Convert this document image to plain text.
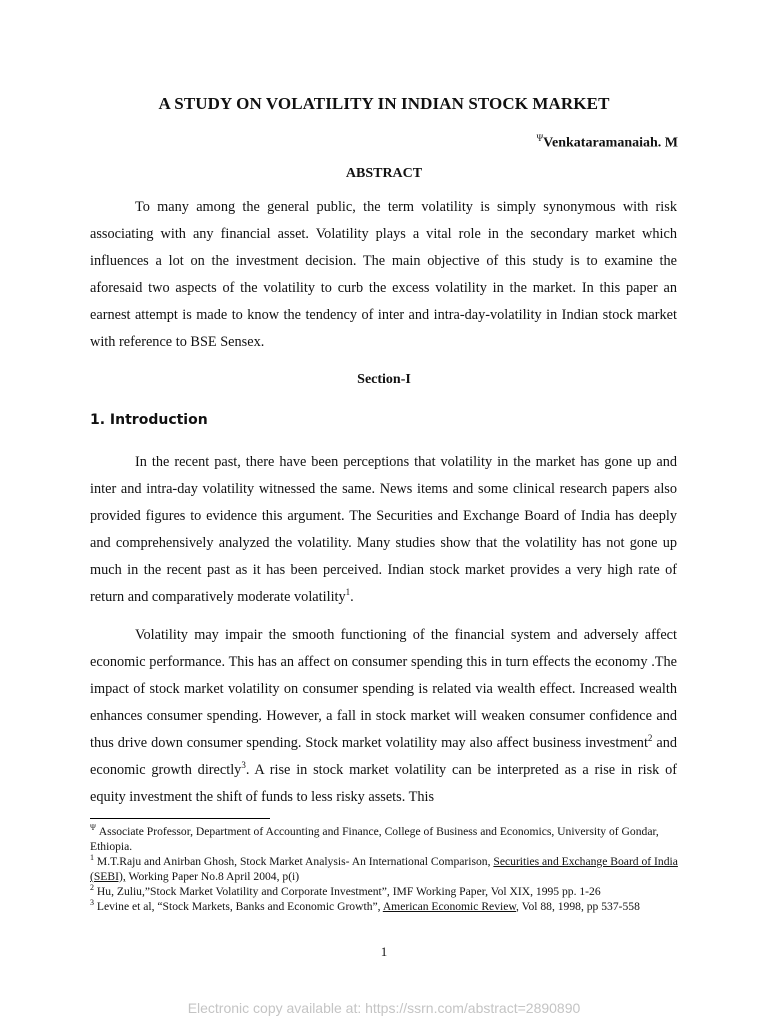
A STUDY ON VOLATILITY IN INDIAN STOCK MARKET
$^\Psi$Venkataramanaiah. M
ABSTRACT

To many among the general public, the term volatility is simply synonymous with risk associating with any financial asset. Volatility plays a vital role in the secondary market which influences a lot on the investment decision. The main objective of this study is to examine the aforesaid two aspects of the volatility to curb the excess volatility in the market. In this paper an earnest attempt is made to know the tendency of inter and intra-day-volatility in Indian stock market with reference to BSE Sensex.

Section-I
1. Introduction

In the recent past, there have been perceptions that volatility in the market has gone up and inter and intra-day volatility witnessed the same. News items and some clinical research papers also provided figures to evidence this argument. The Securities and Exchange Board of India has deeply and comprehensively analyzed the volatility. Many studies show that the volatility has not gone up much in the recent past as it has been perceived. Indian stock market provides a very high rate of return and comparatively moderate volatility$^1$.

Volatility may impair the smooth functioning of the financial system and adversely affect economic performance. This has an affect on consumer spending this in turn effects the economy .The impact of stock market volatility on consumer spending is related via wealth effect. Increased wealth enhances consumer spending. However, a fall in stock market will weaken consumer confidence and thus drive down consumer spending. Stock market volatility may also affect business investment$^2$ and economic growth directly$^3$. A rise in stock market volatility can be interpreted as a rise in risk of equity investment the shift of funds to less risky assets. This

$^\Psi$ Associate Professor, Department of Accounting and Finance, College of Business and Economics, University of Gondar, Ethiopia.

$^1$ M.T.Raju and Anirban Ghosh, Stock Market Analysis- An International Comparison, Securities and Exchange Board of India (SEBI), Working Paper No.8 April 2004, p(i)

$^2$ Hu, Zuliu,”Stock Market Volatility and Corporate Investment”, IMF Working Paper, Vol XIX, 1995 pp. 1-26

$^3$ Levine et al, “Stock Markets, Banks and Economic Growth”, American Economic Review, Vol 88, 1998, pp 537-558

1
Electronic copy available at: https://ssrn.com/abstract=2890890
